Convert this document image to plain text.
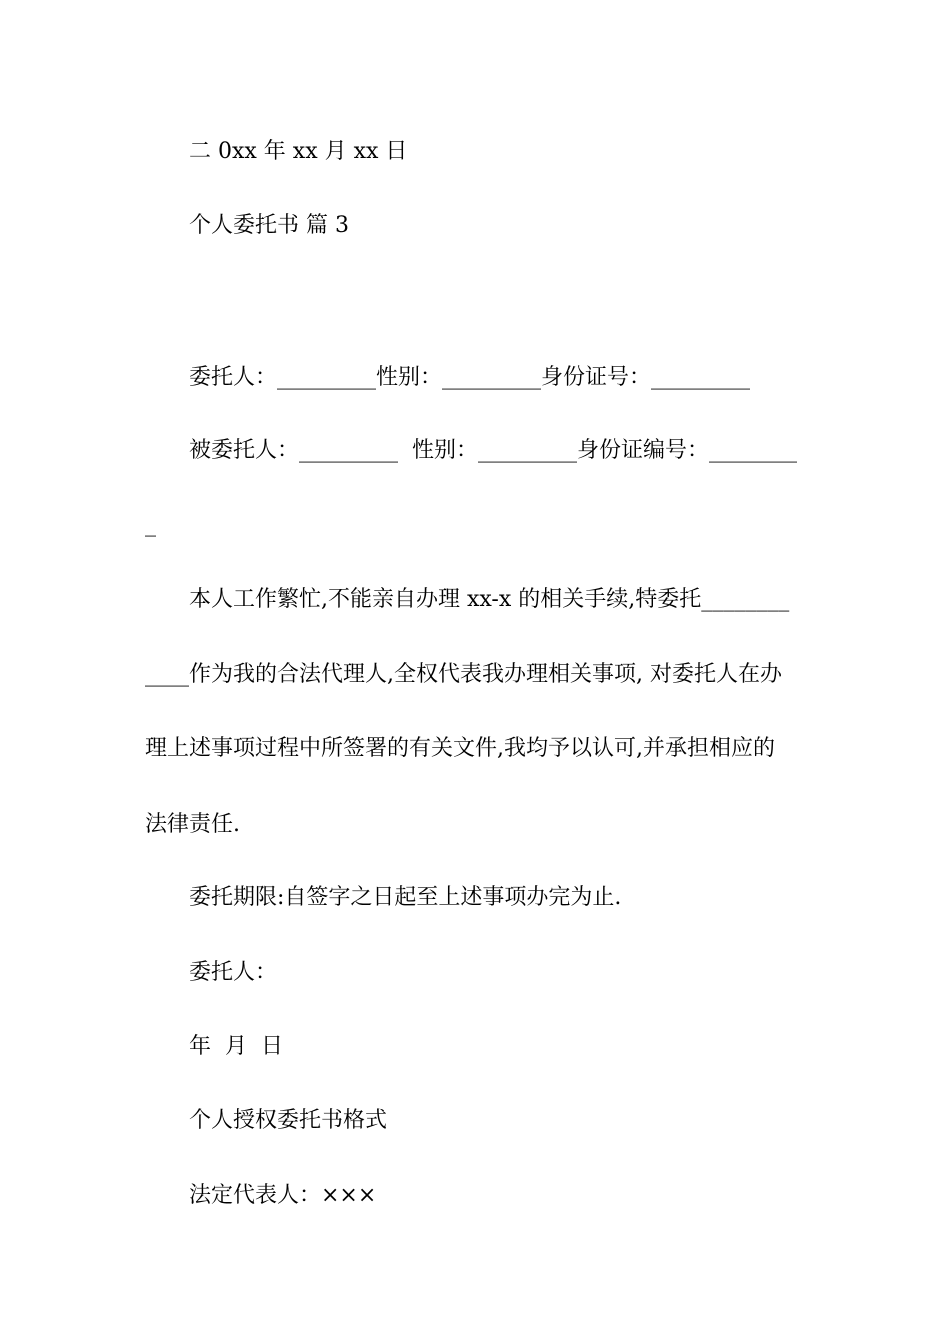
二 0xx 年 xx 月 xx 日
个人委托书 篇 3
委托人：_________性别：_________身份证号：_________
被委托人：_________  性别：_________身份证编号：________
_
本人工作繁忙,不能亲自办理 xx-x 的相关手续,特委托________
____作为我的合法代理人,全权代表我办理相关事项, 对委托人在办
理上述事项过程中所签署的有关文件,我均予以认可,并承担相应的
法律责任.
委托期限:自签字之日起至上述事项办完为止.
委托人：
年  月  日
个人授权委托书格式
法定代表人：×××
